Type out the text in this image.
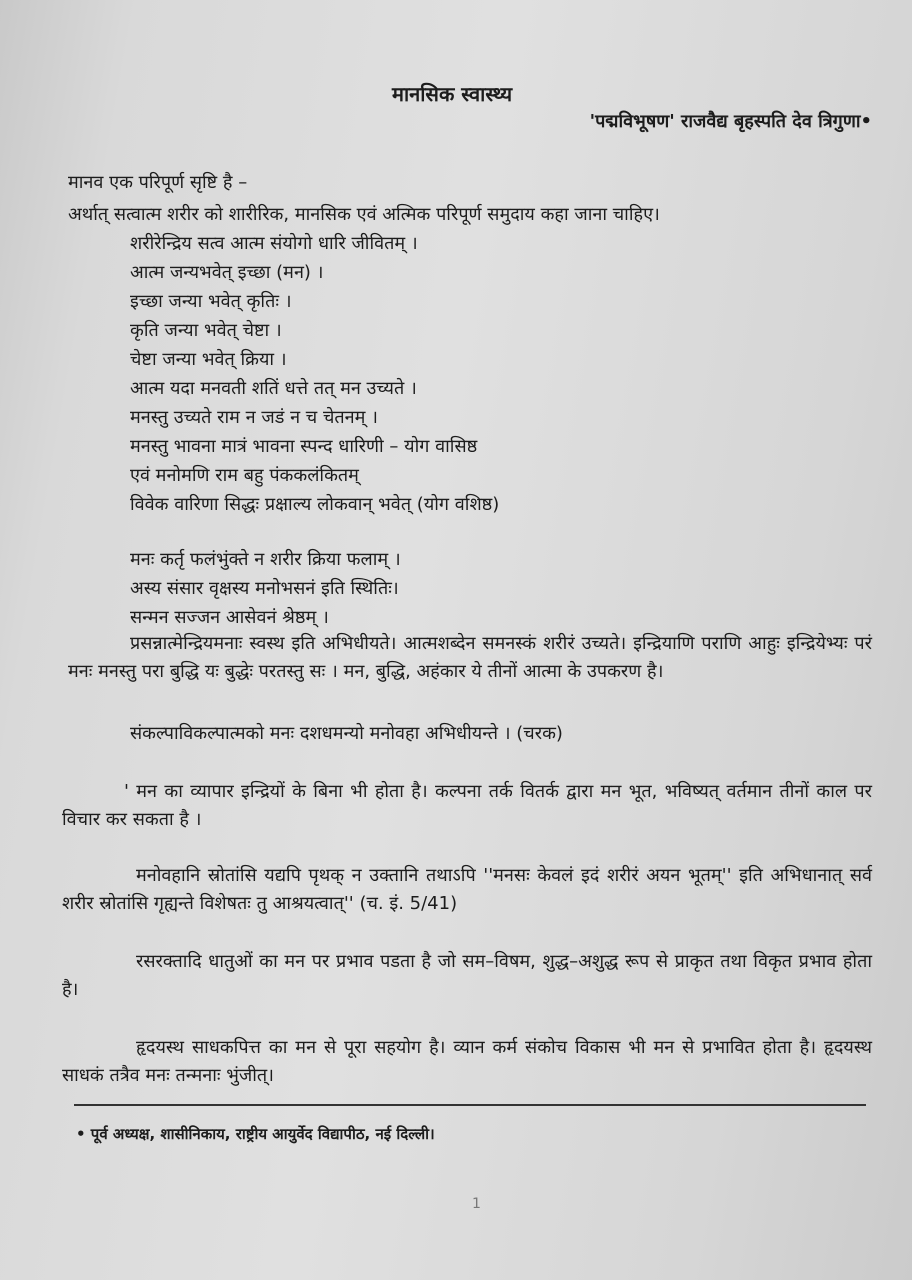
मानसिक स्वास्थ्य
'पद्मविभूषण' राजवैद्य बृहस्पति देव त्रिगुणा•
मानव एक परिपूर्ण सृष्टि है –
अर्थात् सत्वात्म शरीर को शारीरिक, मानसिक एवं अत्मिक परिपूर्ण समुदाय कहा जाना चाहिए।
शरीरेन्द्रिय सत्व आत्म संयोगो धारि जीवितम् ।
आत्म जन्यभवेत् इच्छा (मन) ।
इच्छा जन्या भवेत् कृतिः ।
कृति जन्या भवेत् चेष्टा ।
चेष्टा जन्या भवेत् क्रिया ।
आत्म यदा मनवती शतिं धत्ते तत् मन उच्यते ।
मनस्तु उच्यते राम न जडं न च चेतनम् ।
मनस्तु भावना मात्रं भावना स्पन्द धारिणी – योग वासिष्ठ
एवं मनोमणि राम बहु पंककलंकितम्
विवेक वारिणा सिद्धः प्रक्षाल्य लोकवान् भवेत् (योग वशिष्ठ)
मनः कर्तृ फलंभुंक्ते न शरीर क्रिया फलाम् ।
अस्य संसार वृक्षस्य मनोभसनं इति स्थितिः।
सन्मन सज्जन आसेवनं श्रेष्ठम् ।
प्रसन्नात्मेन्द्रियमनाः स्वस्थ इति अभिधीयते। आत्मशब्देन समनस्कं शरीरं उच्यते। इन्द्रियाणि पराणि आहुः इन्द्रियेभ्यः परं मनः मनस्तु परा बुद्धि यः बुद्धेः परतस्तु सः । मन, बुद्धि, अहंकार ये तीनों आत्मा के उपकरण है।
संकल्पाविकल्पात्मको मनः दशधमन्यो मनोवहा अभिधीयन्ते । (चरक)
' मन का व्यापार इन्द्रियों के बिना भी होता है। कल्पना तर्क वितर्क द्वारा मन भूत, भविष्यत् वर्तमान तीनों काल पर विचार कर सकता है ।
मनोवहानि स्रोतांसि यद्यपि पृथक् न उक्तानि तथाऽपि ''मनसः केवलं इदं शरीरं अयन भूतम्'' इति अभिधानात् सर्व शरीर स्रोतांसि गृह्यन्ते विशेषतः तु आश्रयत्वात्'' (च. इं. 5/41)
रसरक्तादि धातुओं का मन पर प्रभाव पडता है जो सम–विषम, शुद्ध–अशुद्ध रूप से प्राकृत तथा विकृत प्रभाव होता है।
हृदयस्थ साधकपित्त का मन से पूरा सहयोग है। व्यान कर्म संकोच विकास भी मन से प्रभावित होता है। हृदयस्थ साधकं तत्रैव मनः तन्मनाः भुंजीत्।
• पूर्व अध्यक्ष, शासीनिकाय, राष्ट्रीय आयुर्वेद विद्यापीठ, नई दिल्ली।
1
